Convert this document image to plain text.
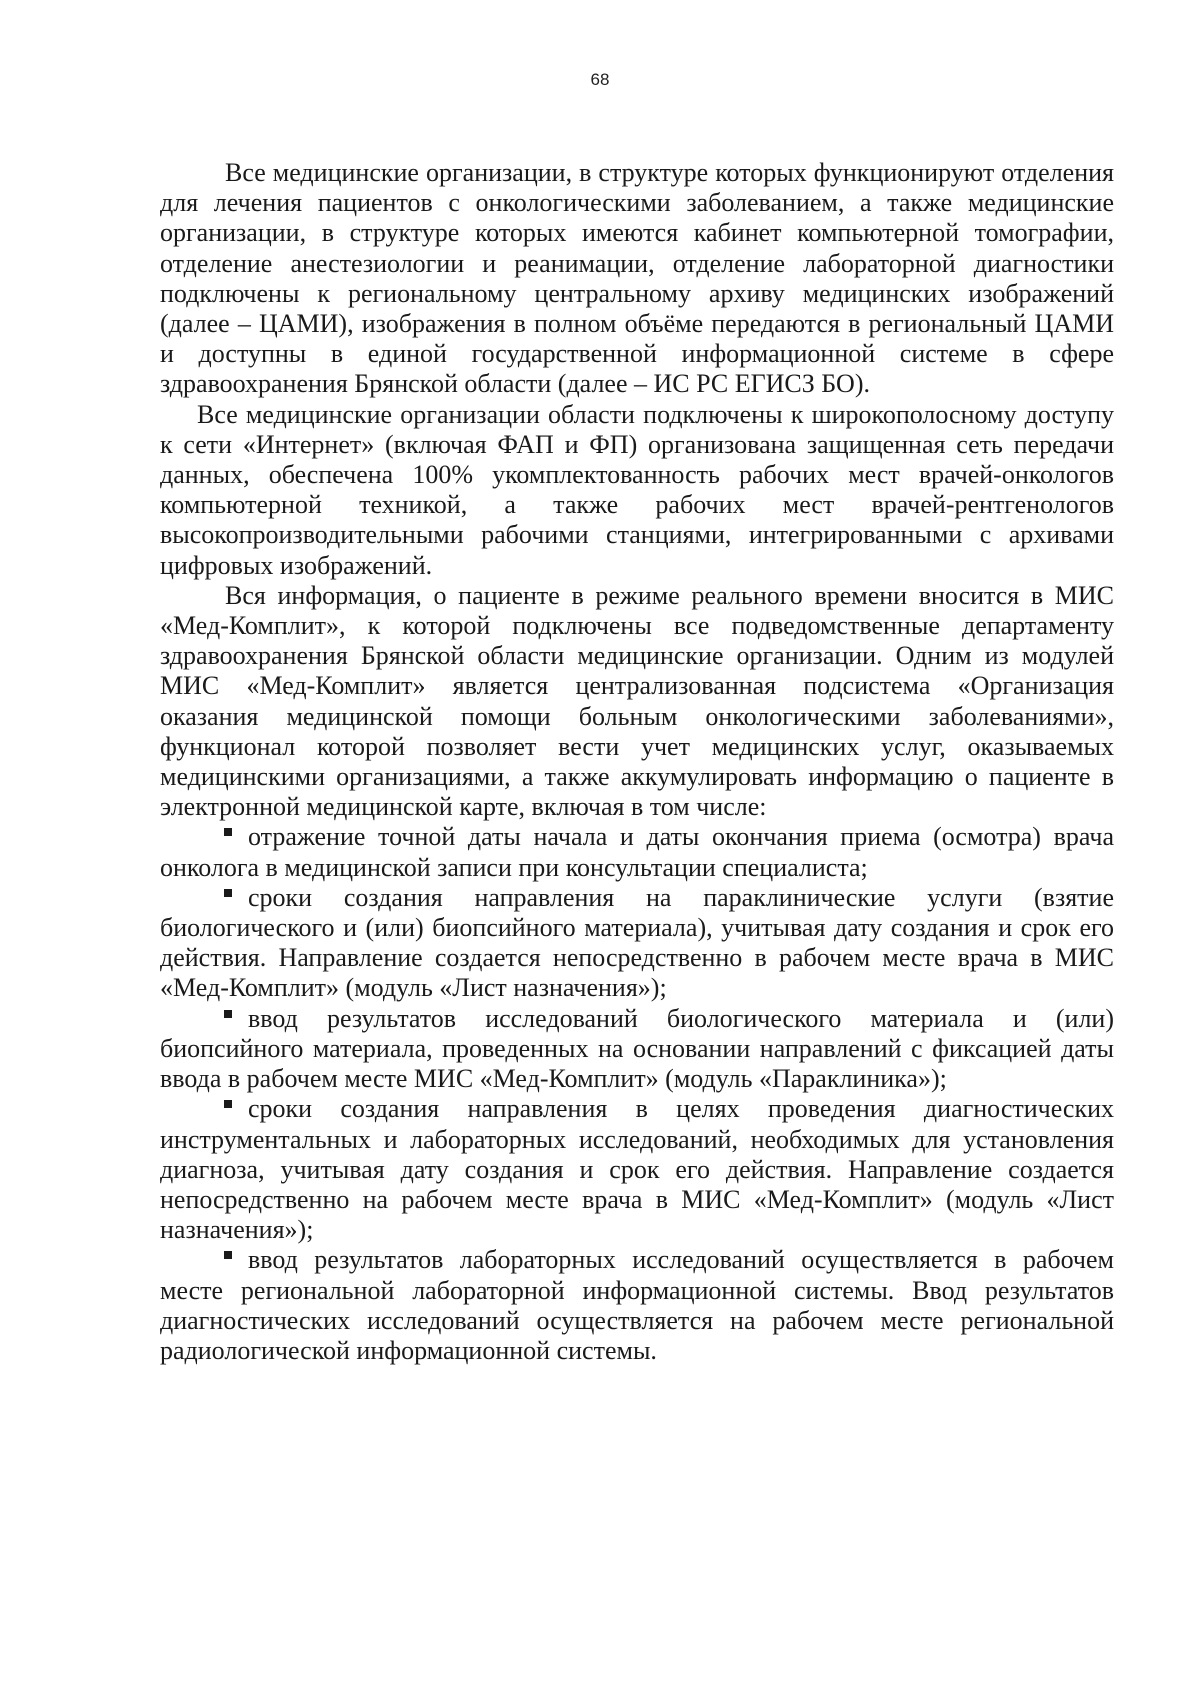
68

Все медицинские организации, в структуре которых функционируют отделения для лечения пациентов с онкологическими заболеванием, а также медицинские организации, в структуре которых имеются кабинет компьютерной томографии, отделение анестезиологии и реанимации, отделение лабораторной диагностики подключены к региональному центральному архиву медицинских изображений (далее – ЦАМИ), изображения в полном объёме передаются в региональный ЦАМИ и доступны в единой государственной информационной системе в сфере здравоохранения Брянской области (далее – ИС РС ЕГИСЗ БО).

Все медицинские организации области подключены к широкополосному доступу к сети «Интернет» (включая ФАП и ФП) организована защищенная сеть передачи данных, обеспечена 100% укомплектованность рабочих мест врачей-онкологов компьютерной техникой, а также рабочих мест врачей-рентгенологов высокопроизводительными рабочими станциями, интегрированными с архивами цифровых изображений.

Вся информация, о пациенте в режиме реального времени вносится в МИС «Мед-Комплит», к которой подключены все подведомственные департаменту здравоохранения Брянской области медицинские организации. Одним из модулей МИС «Мед-Комплит» является централизованная подсистема «Организация оказания медицинской помощи больным онкологическими заболеваниями», функционал которой позволяет вести учет медицинских услуг, оказываемых медицинскими организациями, а также аккумулировать информацию о пациенте в электронной медицинской карте, включая в том числе:

отражение точной даты начала и даты окончания приема (осмотра) врача онколога в медицинской записи при консультации специалиста;

сроки создания направления на параклинические услуги (взятие биологического и (или) биопсийного материала), учитывая дату создания и срок его действия. Направление создается непосредственно в рабочем месте врача в МИС «Мед-Комплит» (модуль «Лист назначения»);

ввод результатов исследований биологического материала и (или) биопсийного материала, проведенных на основании направлений с фиксацией даты ввода в рабочем месте МИС «Мед-Комплит» (модуль «Параклиника»);

сроки создания направления в целях проведения диагностических инструментальных и лабораторных исследований, необходимых для установления диагноза, учитывая дату создания и срок его действия. Направление создается непосредственно на рабочем месте врача в МИС «Мед-Комплит» (модуль «Лист назначения»);

ввод результатов лабораторных исследований осуществляется в рабочем месте региональной лабораторной информационной системы. Ввод результатов диагностических исследований осуществляется на рабочем месте региональной радиологической информационной системы.
